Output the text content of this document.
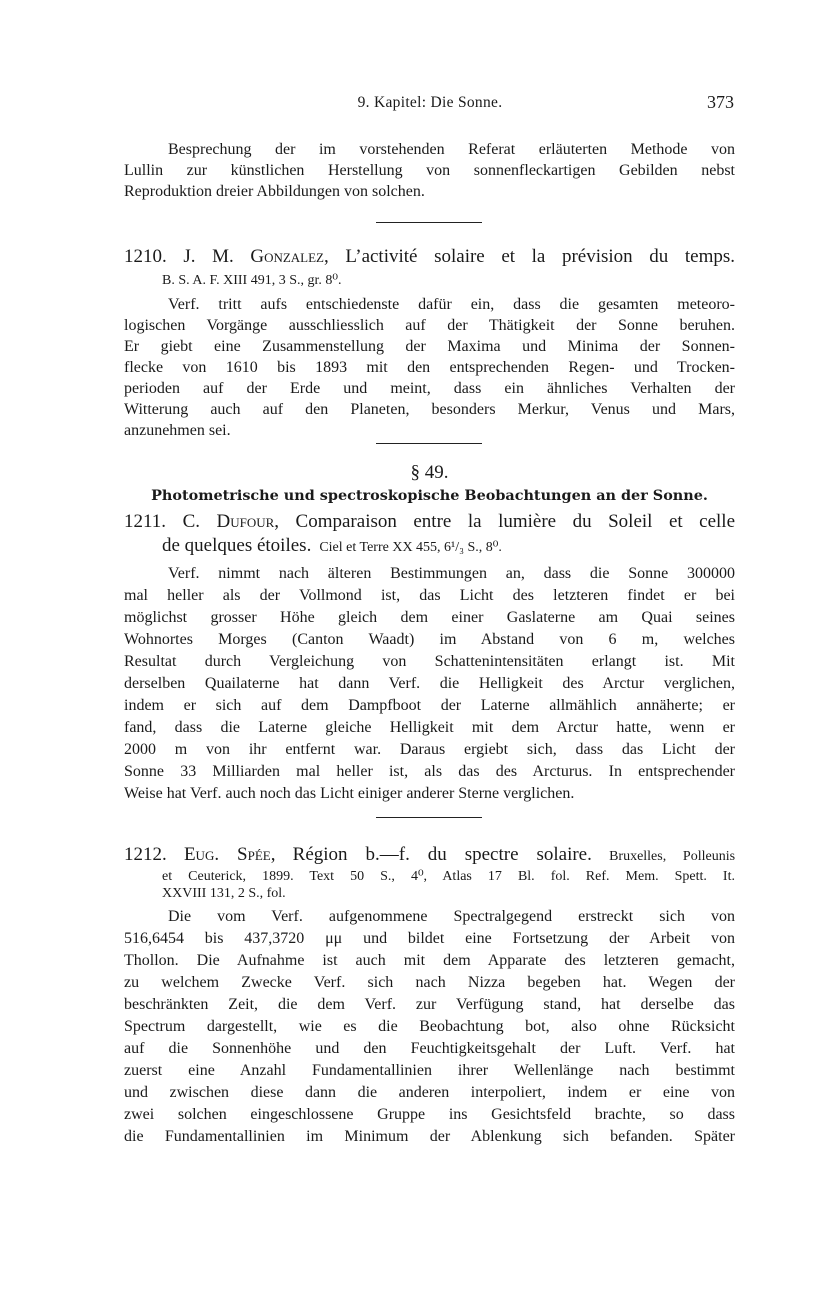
9. Kapitel: Die Sonne.	373
Besprechung der im vorstehenden Referat erläuterten Methode von
Lullin zur künstlichen Herstellung von sonnenfleckartigen Gebilden nebst
Reproduktion dreier Abbildungen von solchen.
1210. J. M. Gonzalez, L’activité solaire et la prévision du temps.
B. S. A. F. XIII 491, 3 S., gr. 8⁰.
Verf. tritt aufs entschiedenste dafür ein, dass die gesamten meteoro-
logischen Vorgänge ausschliesslich auf der Thätigkeit der Sonne beruhen.
Er giebt eine Zusammenstellung der Maxima und Minima der Sonnen-
flecke von 1610 bis 1893 mit den entsprechenden Regen- und Trocken-
perioden auf der Erde und meint, dass ein ähnliches Verhalten der
Witterung auch auf den Planeten, besonders Merkur, Venus und Mars,
anzunehmen sei.
§ 49.
Photometrische und spectroskopische Beobachtungen an der Sonne.
1211. C. Dufour, Comparaison entre la lumière du Soleil et celle
de quelques étoiles. Ciel et Terre XX 455, 6¹/₃ S., 8⁰.
Verf. nimmt nach älteren Bestimmungen an, dass die Sonne 300000
mal heller als der Vollmond ist, das Licht des letzteren findet er bei
möglichst grosser Höhe gleich dem einer Gaslaterne am Quai seines
Wohnortes Morges (Canton Waadt) im Abstand von 6 m, welches
Resultat durch Vergleichung von Schattenintensitäten erlangt ist. Mit
derselben Quailaterne hat dann Verf. die Helligkeit des Arctur verglichen,
indem er sich auf dem Dampfboot der Laterne allmählich annäherte; er
fand, dass die Laterne gleiche Helligkeit mit dem Arctur hatte, wenn er
2000 m von ihr entfernt war. Daraus ergiebt sich, dass das Licht der
Sonne 33 Milliarden mal heller ist, als das des Arcturus. In entsprechender
Weise hat Verf. auch noch das Licht einiger anderer Sterne verglichen.
1212. Eug. Spée, Région b.—f. du spectre solaire. Bruxelles, Polleunis
et Ceuterick, 1899. Text 50 S., 4⁰, Atlas 17 Bl. fol. Ref. Mem. Spett. It.
XXVIII 131, 2 S., fol.
Die vom Verf. aufgenommene Spectralgegend erstreckt sich von
516,6454 bis 437,3720 μμ und bildet eine Fortsetzung der Arbeit von
Thollon. Die Aufnahme ist auch mit dem Apparate des letzteren gemacht,
zu welchem Zwecke Verf. sich nach Nizza begeben hat. Wegen der
beschränkten Zeit, die dem Verf. zur Verfügung stand, hat derselbe das
Spectrum dargestellt, wie es die Beobachtung bot, also ohne Rücksicht
auf die Sonnenhöhe und den Feuchtigkeitsgehalt der Luft. Verf. hat
zuerst eine Anzahl Fundamentallinien ihrer Wellenlänge nach bestimmt
und zwischen diese dann die anderen interpoliert, indem er eine von
zwei solchen eingeschlossene Gruppe ins Gesichtsfeld brachte, so dass
die Fundamentallinien im Minimum der Ablenkung sich befanden. Später
